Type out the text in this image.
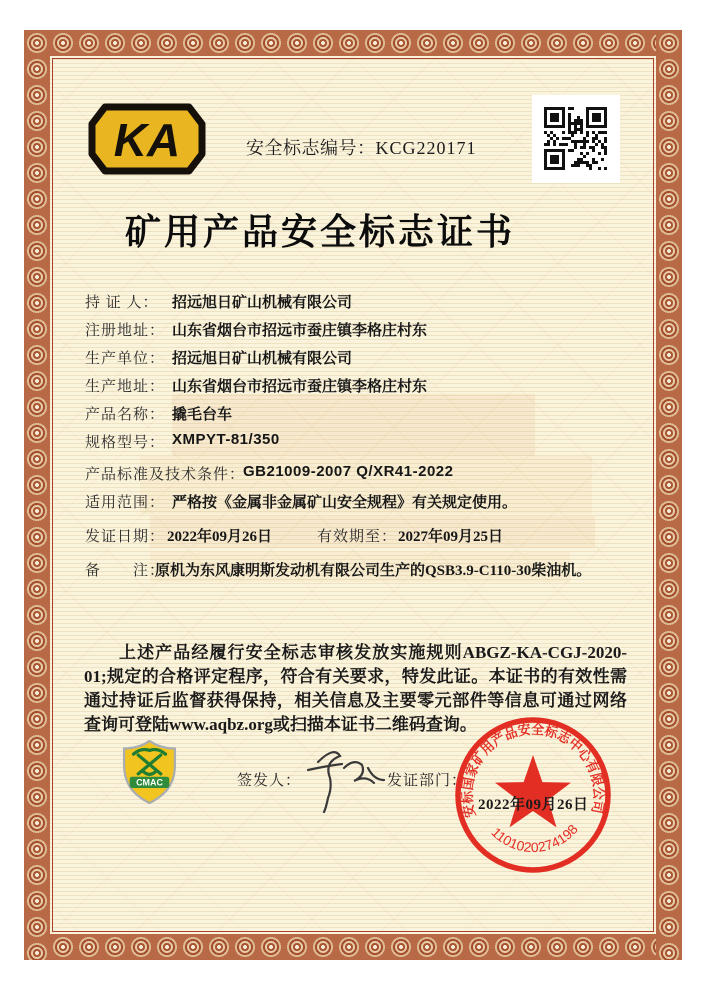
KA	安全标志编号：KCG220171
矿用产品安全标志证书
持 证 人： 招远旭日矿山机械有限公司
注册地址： 山东省烟台市招远市蚕庄镇李格庄村东
生产单位： 招远旭日矿山机械有限公司
生产地址： 山东省烟台市招远市蚕庄镇李格庄村东
产品名称： 撬毛台车
规格型号： XMPYT-81/350
产品标准及技术条件：
GB21009-2007 Q/XR41-2022
适用范围： 严格按《金属非金属矿山安全规程》有关规定使用。
发证日期： 2022年09月26日	有效期至： 2027年09月25日
备　　注：
原机为东风康明斯发动机有限公司生产的QSB3.9-C110-30柴油机。
上述产品经履行安全标志审核发放实施规则ABGZ-KA-CGJ-2020-01;规定的合格评定程序，符合有关要求，特发此证。本证书的有效性需通过持证后监督获得保持，相关信息及主要零元部件等信息可通过网络查询可登陆www.aqbz.org或扫描本证书二维码查询。
CMAC	签发人：	发证部门：
安标国家矿用产品安全标志中心有限公司
1101020274198
2022年09月26日
